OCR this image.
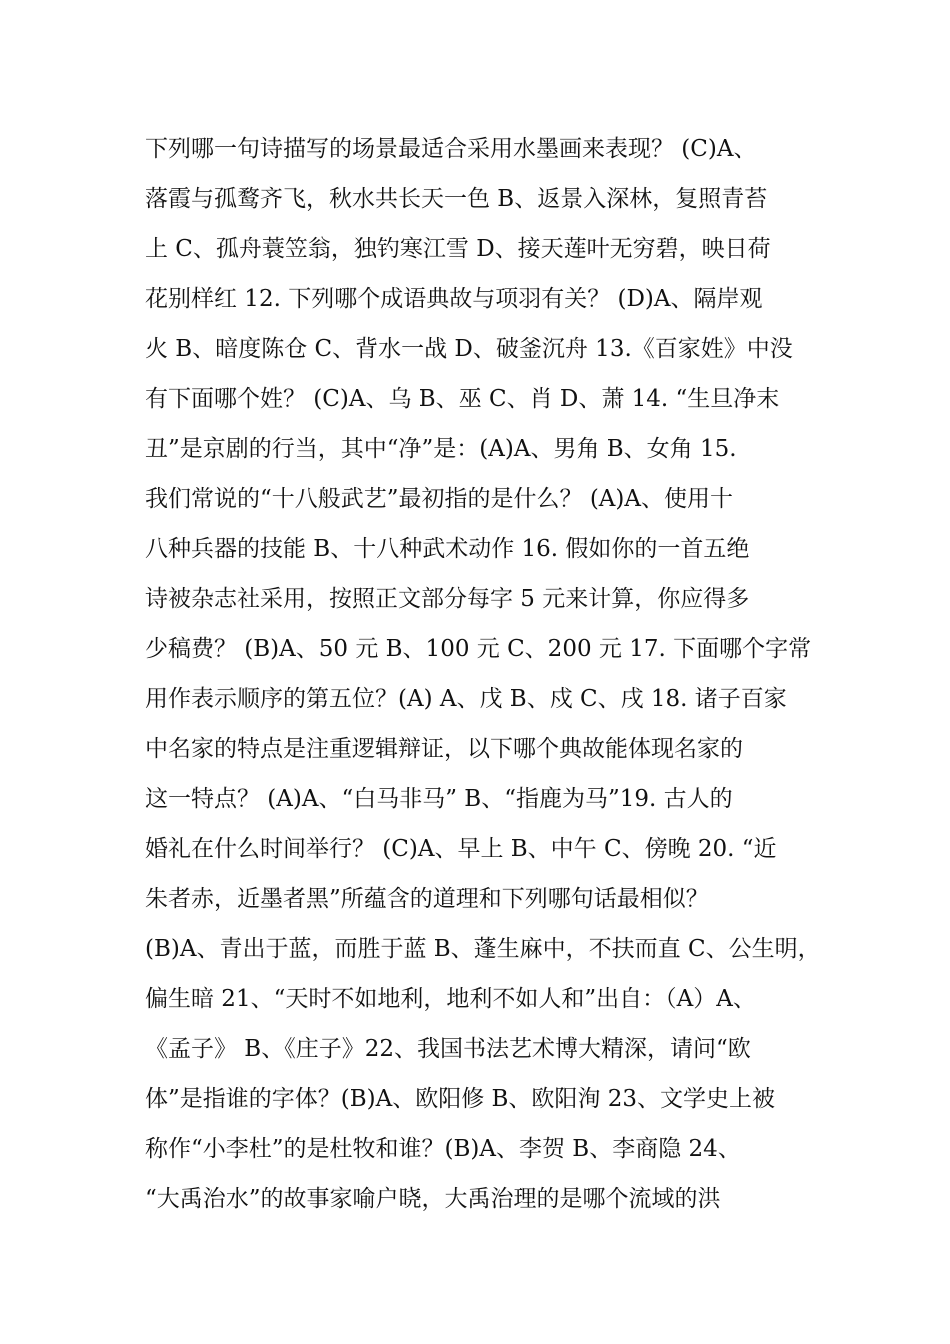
下列哪一句诗描写的场景最适合采用水墨画来表现？ (C)A、
落霞与孤鹜齐飞，秋水共长天一色 B、返景入深林，复照青苔
上 C、孤舟蓑笠翁，独钓寒江雪 D、接天莲叶无穷碧，映日荷
花别样红 12. 下列哪个成语典故与项羽有关？ (D)A、隔岸观
火 B、暗度陈仓 C、背水一战 D、破釜沉舟 13.《百家姓》中没
有下面哪个姓？ (C)A、乌 B、巫 C、肖 D、萧 14. “生旦净末
丑”是京剧的行当，其中“净”是：(A)A、男角 B、女角 15.
我们常说的“十八般武艺”最初指的是什么？ (A)A、使用十
八种兵器的技能 B、十八种武术动作 16. 假如你的一首五绝
诗被杂志社采用，按照正文部分每字 5 元来计算，你应得多
少稿费？ (B)A、50 元 B、100 元 C、200 元 17. 下面哪个字常
用作表示顺序的第五位？(A) A、戊 B、戍 C、戌 18. 诸子百家
中名家的特点是注重逻辑辩证，以下哪个典故能体现名家的
这一特点？ (A)A、“白马非马” B、“指鹿为马”19. 古人的
婚礼在什么时间举行？ (C)A、早上 B、中午 C、傍晚 20. “近
朱者赤，近墨者黑”所蕴含的道理和下列哪句话最相似？
(B)A、青出于蓝，而胜于蓝 B、蓬生麻中，不扶而直 C、公生明，
偏生暗 21、“天时不如地利，地利不如人和”出自：（A）A、
《孟子》 B、《庄子》22、我国书法艺术博大精深，请问“欧
体”是指谁的字体？(B)A、欧阳修 B、欧阳洵 23、文学史上被
称作“小李杜”的是杜牧和谁？(B)A、李贺 B、李商隐 24、
“大禹治水”的故事家喻户晓，大禹治理的是哪个流域的洪
